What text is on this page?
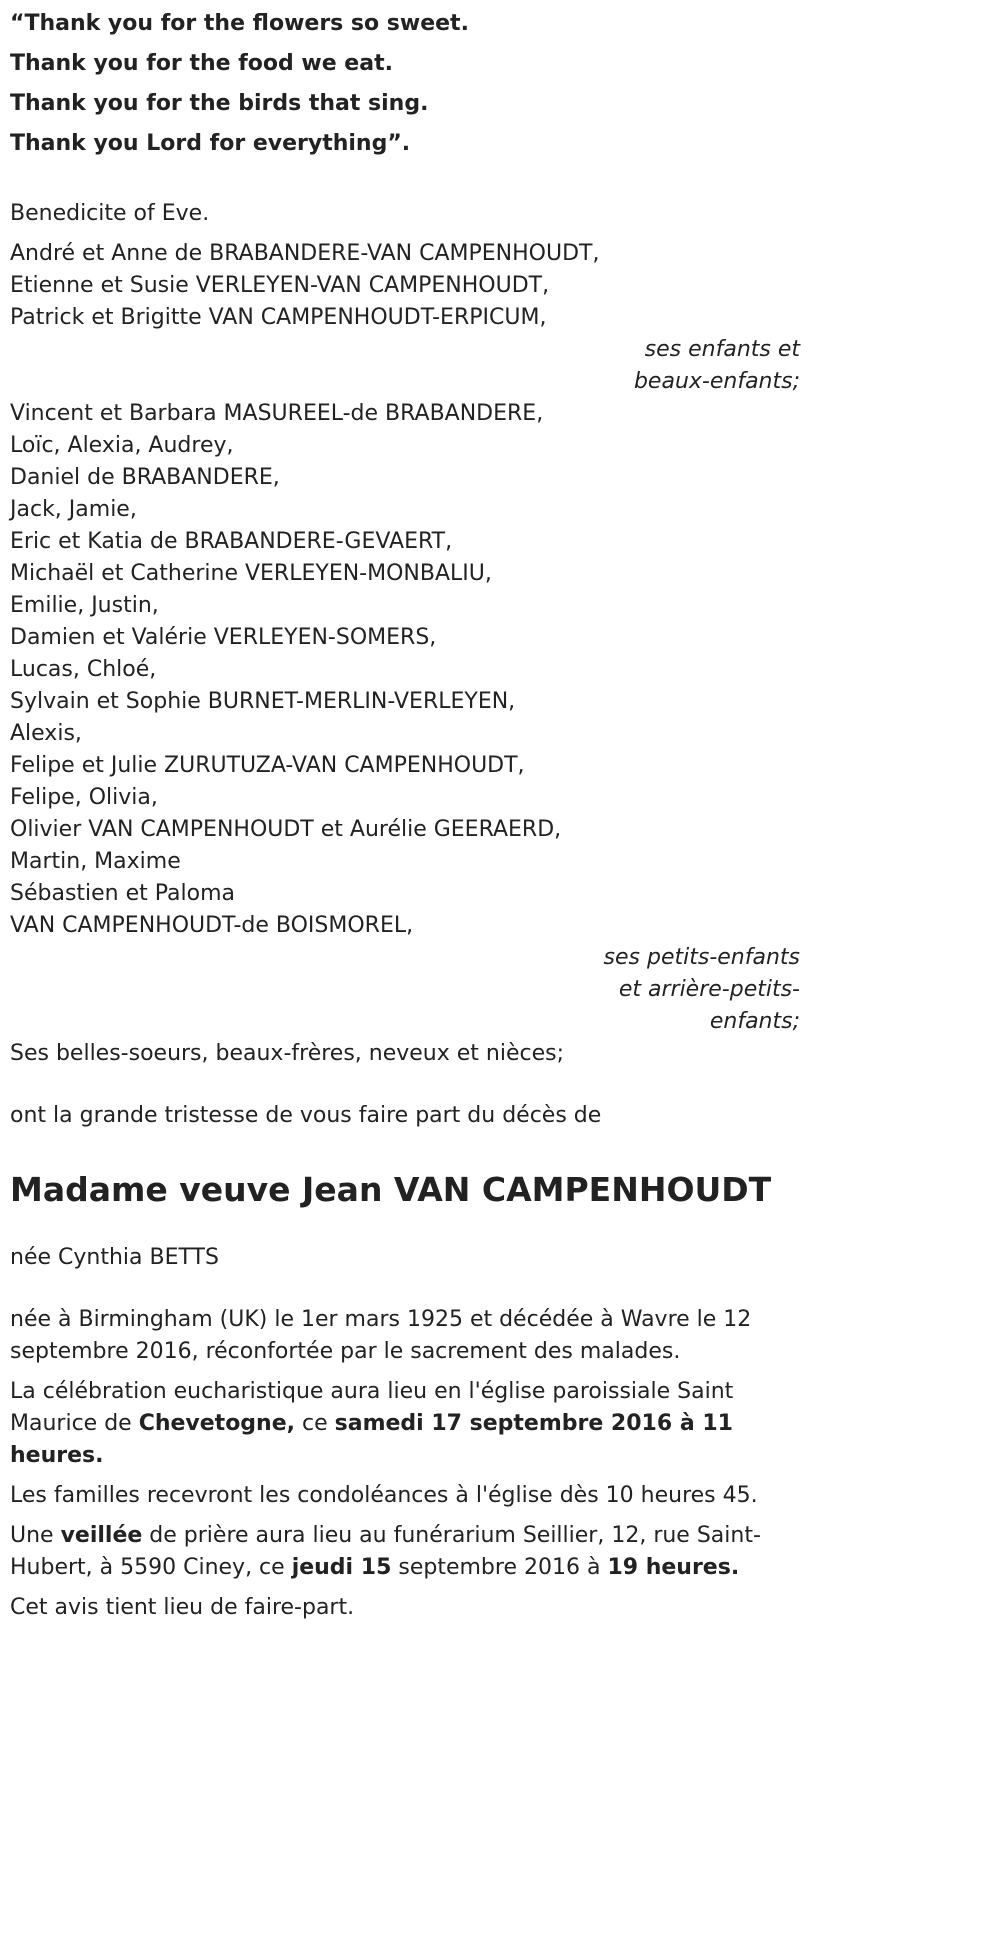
“Thank you for the flowers so sweet.

Thank you for the food we eat.

Thank you for the birds that sing.

Thank you Lord for everything”.

Benedicite of Eve.

André et Anne de BRABANDERE-VAN CAMPENHOUDT,
Etienne et Susie VERLEYEN-VAN CAMPENHOUDT,
Patrick et Brigitte VAN CAMPENHOUDT-ERPICUM,
ses enfants et
beaux-enfants;
Vincent et Barbara MASUREEL-de BRABANDERE,
Loïc, Alexia, Audrey,
Daniel de BRABANDERE,
Jack, Jamie,
Eric et Katia de BRABANDERE-GEVAERT,
Michaël et Catherine VERLEYEN-MONBALIU,
Emilie, Justin,
Damien et Valérie VERLEYEN-SOMERS,
Lucas, Chloé,
Sylvain et Sophie BURNET-MERLIN-VERLEYEN,
Alexis,
Felipe et Julie ZURUTUZA-VAN CAMPENHOUDT,
Felipe, Olivia,
Olivier VAN CAMPENHOUDT et Aurélie GEERAERD,
Martin, Maxime
Sébastien et Paloma
VAN CAMPENHOUDT-de BOISMOREL,
ses petits-enfants
et arrière-petits-
enfants;

Ses belles-soeurs, beaux-frères, neveux et nièces;

ont la grande tristesse de vous faire part du décès de

Madame veuve Jean VAN CAMPENHOUDT

née Cynthia BETTS

née à Birmingham (UK) le 1er mars 1925 et décédée à Wavre le 12 septembre 2016, réconfortée par le sacrement des malades.

La célébration eucharistique aura lieu en l'église paroissiale Saint Maurice de Chevetogne, ce samedi 17 septembre 2016 à 11 heures.

Les familles recevront les condoléances à l'église dès 10 heures 45.

Une veillée de prière aura lieu au funérarium Seillier, 12, rue Saint-Hubert, à 5590 Ciney, ce jeudi 15 septembre 2016 à 19 heures.

Cet avis tient lieu de faire-part.
